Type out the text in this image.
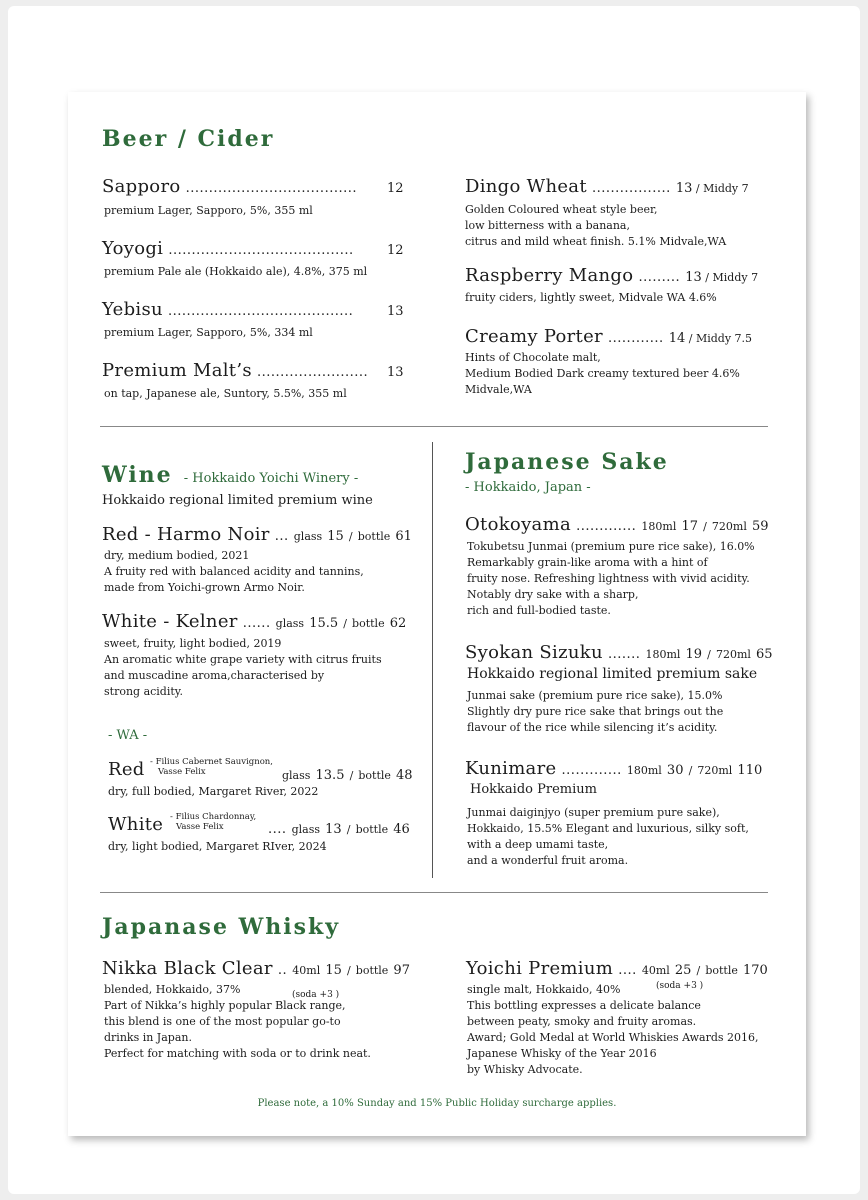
Beer / Cider
Sapporo ..................................... 12
premium Lager, Sapporo, 5%, 355 ml
Yoyogi ........................................	12
premium Pale ale (Hokkaido ale), 4.8%, 375 ml
Yebisu ........................................	13
premium Lager, Sapporo, 5%, 334 ml
Premium Malt’s ........................ 13
on tap, Japanese ale, Suntory, 5.5%, 355 ml
Dingo Wheat ................. 13 / Middy 7
Golden Coloured wheat style beer,
low bitterness with a banana,
citrus and mild wheat finish. 5.1% Midvale,WA
Raspberry Mango ......... 13 / Middy 7
fruity ciders, lightly sweet, Midvale WA 4.6%
Creamy Porter ............ 14 / Middy 7.5
Hints of Chocolate malt,
Medium Bodied Dark creamy textured beer 4.6%
Midvale,WA
Wine - Hokkaido Yoichi Winery -
Hokkaido regional limited premium wine
Red - Harmo Noir ... glass 15 / bottle 61
dry, medium bodied, 2021
A fruity red with balanced acidity and tannins,
made from Yoichi-grown Armo Noir.
White - Kelner ...... glass 15.5 / bottle 62
sweet, fruity, light bodied, 2019
An aromatic white grape variety with citrus fruits
and muscadine aroma,characterised by
strong acidity.
- WA -
Red - Filius Cabernet Sauvignon,
Vasse Felix	glass 13.5 / bottle 48
dry, full bodied, Margaret River, 2022
White - Filius Chardonnay,
Vasse Felix	.... glass 13 / bottle 46
dry, light bodied, Margaret RIver, 2024
Japanese Sake
- Hokkaido, Japan -
Otokoyama ............. 180ml 17 / 720ml 59
Tokubetsu Junmai (premium pure rice sake), 16.0%
Remarkably grain-like aroma with a hint of
fruity nose. Refreshing lightness with vivid acidity.
Notably dry sake with a sharp,
rich and full-bodied taste.
Syokan Sizuku ....... 180ml 19 / 720ml 65
Hokkaido regional limited premium sake
Junmai sake (premium pure rice sake), 15.0%
Slightly dry pure rice sake that brings out the
flavour of the rice while silencing it’s acidity.
Kunimare ............. 180ml 30 / 720ml 110
Hokkaido Premium
Junmai daiginjyo (super premium pure sake),
Hokkaido, 15.5% Elegant and luxurious, silky soft,
with a deep umami taste,
and a wonderful fruit aroma.
Japanase Whisky
Nikka Black Clear .. 40ml 15 / bottle 97
(soda +3 )
blended, Hokkaido, 37%
Part of Nikka’s highly popular Black range,
this blend is one of the most popular go-to
drinks in Japan.
Perfect for matching with soda or to drink neat.
Yoichi Premium .... 40ml 25 / bottle 170
(soda +3 )
single malt, Hokkaido, 40%
This bottling expresses a delicate balance
between peaty, smoky and fruity aromas.
Award; Gold Medal at World Whiskies Awards 2016,
Japanese Whisky of the Year 2016
by Whisky Advocate.
Please note, a 10% Sunday and 15% Public Holiday surcharge applies.
